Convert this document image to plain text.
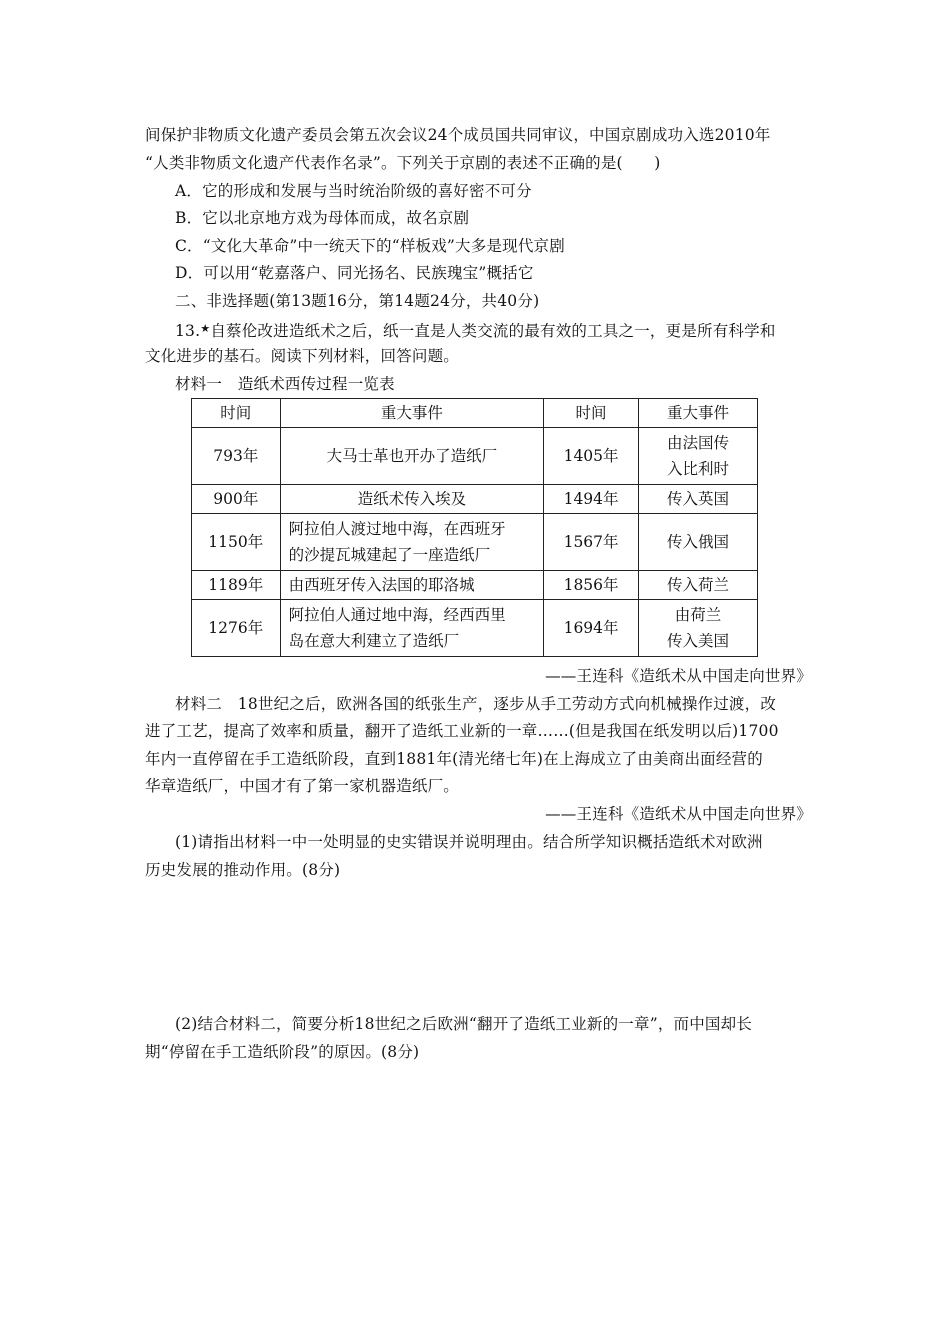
间保护非物质文化遗产委员会第五次会议24个成员国共同审议，中国京剧成功入选2010年
“人类非物质文化遗产代表作名录”。下列关于京剧的表述不正确的是(　　)
A．它的形成和发展与当时统治阶级的喜好密不可分
B．它以北京地方戏为母体而成，故名京剧
C．“文化大革命”中一统天下的“样板戏”大多是现代京剧
D．可以用“乾嘉落户、同光扬名、民族瑰宝”概括它
二、非选择题(第13题16分，第14题24分，共40分)
13.★自蔡伦改进造纸术之后，纸一直是人类交流的最有效的工具之一，更是所有科学和
文化进步的基石。阅读下列材料，回答问题。
材料一　造纸术西传过程一览表
时间	重大事件	时间	重大事件
793年	大马士革也开办了造纸厂	1405年	由法国传
入比利时
900年	造纸术传入埃及	1494年	传入英国
1150年	阿拉伯人渡过地中海，在西班牙
的沙提瓦城建起了一座造纸厂	1567年	传入俄国
1189年	由西班牙传入法国的耶洛城	1856年	传入荷兰
1276年	阿拉伯人通过地中海，经西西里
岛在意大利建立了造纸厂	1694年	由荷兰
传入美国
——王连科《造纸术从中国走向世界》
材料二　18世纪之后，欧洲各国的纸张生产，逐步从手工劳动方式向机械操作过渡，改
进了工艺，提高了效率和质量，翻开了造纸工业新的一章……(但是我国在纸发明以后)1700
年内一直停留在手工造纸阶段，直到1881年(清光绪七年)在上海成立了由美商出面经营的
华章造纸厂，中国才有了第一家机器造纸厂。
——王连科《造纸术从中国走向世界》
(1)请指出材料一中一处明显的史实错误并说明理由。结合所学知识概括造纸术对欧洲
历史发展的推动作用。(8分)
(2)结合材料二，简要分析18世纪之后欧洲“翻开了造纸工业新的一章”，而中国却长
期“停留在手工造纸阶段”的原因。(8分)
